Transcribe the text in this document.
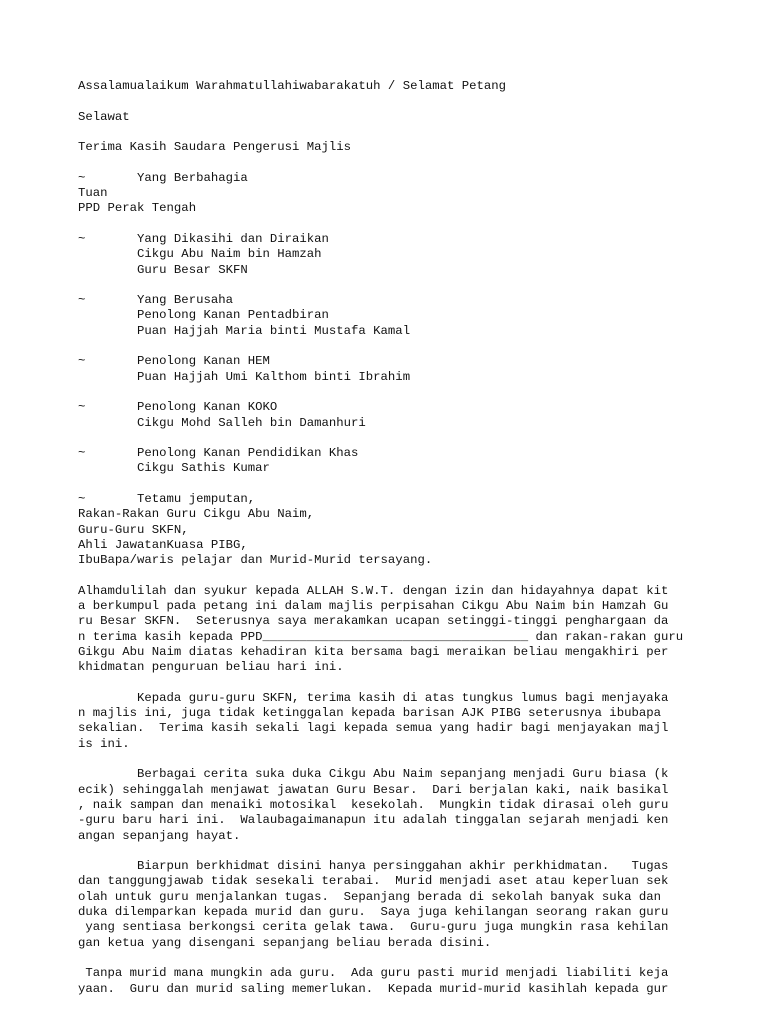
Assalamualaikum Warahmatullahiwabarakatuh / Selamat Petang
Selawat
Terima Kasih Saudara Pengerusi Majlis
~       Yang Berbahagia
Tuan
PPD Perak Tengah
~       Yang Dikasihi dan Diraikan
Cikgu Abu Naim bin Hamzah
Guru Besar SKFN
~       Yang Berusaha
Penolong Kanan Pentadbiran
Puan Hajjah Maria binti Mustafa Kamal
~       Penolong Kanan HEM
Puan Hajjah Umi Kalthom binti Ibrahim
~       Penolong Kanan KOKO
Cikgu Mohd Salleh bin Damanhuri
~       Penolong Kanan Pendidikan Khas
Cikgu Sathis Kumar
~       Tetamu jemputan,
Rakan-Rakan Guru Cikgu Abu Naim,
Guru-Guru SKFN,
Ahli JawatanKuasa PIBG,
IbuBapa/waris pelajar dan Murid-Murid tersayang.
Alhamdulilah dan syukur kepada ALLAH S.W.T. dengan izin dan hidayahnya dapat kit
a berkumpul pada petang ini dalam majlis perpisahan Cikgu Abu Naim bin Hamzah Gu
ru Besar SKFN.  Seterusnya saya merakamkan ucapan setinggi-tinggi penghargaan da
n terima kasih kepada PPD____________________________________ dan rakan-rakan guru
Gikgu Abu Naim diatas kehadiran kita bersama bagi meraikan beliau mengakhiri per
khidmatan penguruan beliau hari ini.
Kepada guru-guru SKFN, terima kasih di atas tungkus lumus bagi menjayaka
n majlis ini, juga tidak ketinggalan kepada barisan AJK PIBG seterusnya ibubapa
sekalian.  Terima kasih sekali lagi kepada semua yang hadir bagi menjayakan majl
is ini.
Berbagai cerita suka duka Cikgu Abu Naim sepanjang menjadi Guru biasa (k
ecik) sehinggalah menjawat jawatan Guru Besar.  Dari berjalan kaki, naik basikal
, naik sampan dan menaiki motosikal  kesekolah.  Mungkin tidak dirasai oleh guru
-guru baru hari ini.  Walaubagaimanapun itu adalah tinggalan sejarah menjadi ken
angan sepanjang hayat.
Biarpun berkhidmat disini hanya persinggahan akhir perkhidmatan.   Tugas
dan tanggungjawab tidak sesekali terabai.  Murid menjadi aset atau keperluan sek
olah untuk guru menjalankan tugas.  Sepanjang berada di sekolah banyak suka dan
duka dilemparkan kepada murid dan guru.  Saya juga kehilangan seorang rakan guru
yang sentiasa berkongsi cerita gelak tawa.  Guru-guru juga mungkin rasa kehilan
gan ketua yang disengani sepanjang beliau berada disini.
Tanpa murid mana mungkin ada guru.  Ada guru pasti murid menjadi liabiliti keja
yaan.  Guru dan murid saling memerlukan.  Kepada murid-murid kasihlah kepada gur
